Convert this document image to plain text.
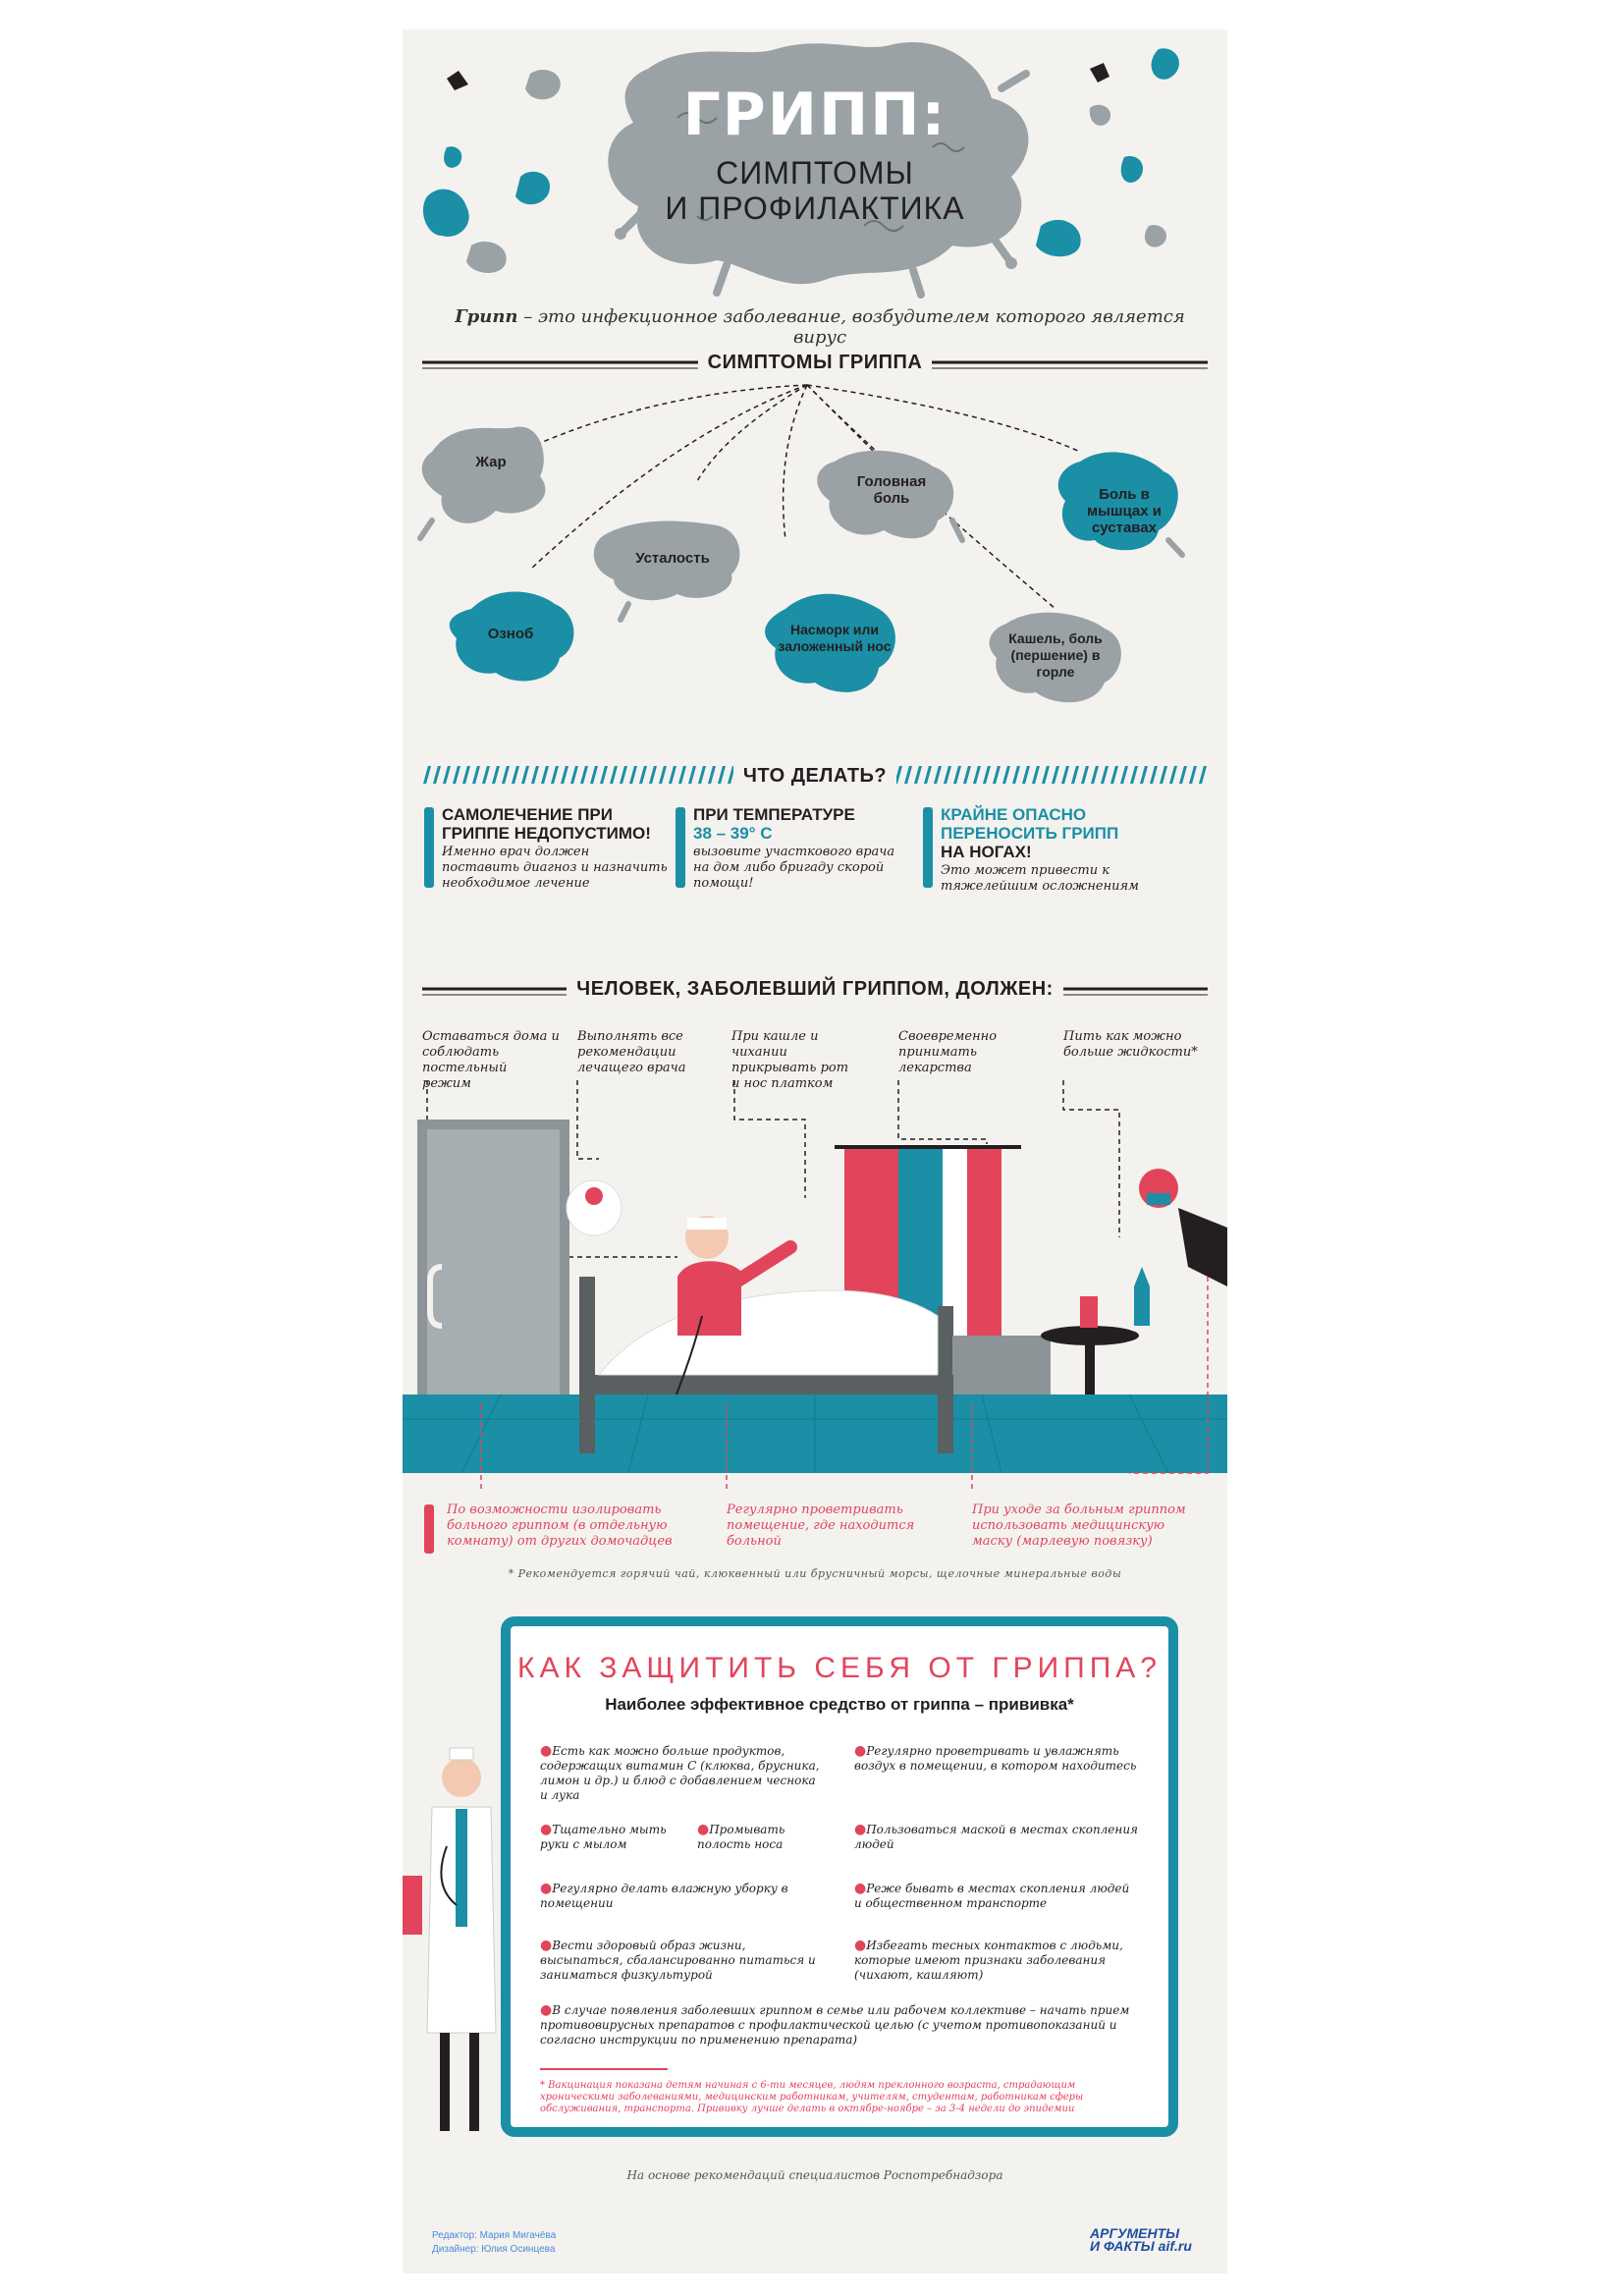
ГРИПП:
СИМПТОМЫ
И ПРОФИЛАКТИКА
Грипп – это инфекционное заболевание, возбудителем которого является вирус
СИМПТОМЫ ГРИППА
Жар
Головная боль	Боль в мышцах и суставах
Усталость
Озноб	Насморк или заложенный нос	Кашель, боль (першение) в горле
ЧТО ДЕЛАТЬ?
САМОЛЕЧЕНИЕ ПРИ ГРИППЕ НЕДОПУСТИМО!
Именно врач должен поставить диагноз и назначить необходимое лечение
ПРИ ТЕМПЕРАТУРЕ
38 – 39° С
вызовите участкового врача на дом либо бригаду скорой помощи!
КРАЙНЕ ОПАСНО ПЕРЕНОСИТЬ ГРИПП
НА НОГАХ!
Это может привести к тяжелейшим осложнениям
ЧЕЛОВЕК, ЗАБОЛЕВШИЙ ГРИППОМ, ДОЛЖЕН:
Оставаться дома и соблюдать постельный режим
Выполнять все рекомендации лечащего врача
При кашле и чихании прикрывать рот и нос платком
Своевременно принимать лекарства
Пить как можно больше жидкости*
По возможности изолировать больного гриппом (в отдельную комнату) от других домочадцев
Регулярно проветривать помещение, где находится больной
При уходе за больным гриппом использовать медицинскую маску (марлевую повязку)
* Рекомендуется горячий чай, клюквенный или брусничный морсы, щелочные минеральные воды
КАК ЗАЩИТИТЬ СЕБЯ ОТ ГРИППА?
Наиболее эффективное средство от гриппа – прививка*
●Есть как можно больше продуктов, содержащих витамин С (клюква, брусника, лимон и др.) и блюд с добавлением чеснока и лука
●Тщательно мыть руки с мылом
●Промывать полость носа
●Регулярно делать влажную уборку в помещении
●Вести здоровый образ жизни, высыпаться, сбалансированно питаться и заниматься физкультурой
●Регулярно проветривать и увлажнять воздух в помещении, в котором находитесь
●Пользоваться маской в местах скопления людей
●Реже бывать в местах скопления людей и общественном транспорте
●Избегать тесных контактов с людьми, которые имеют признаки заболевания (чихают, кашляют)
●В случае появления заболевших гриппом в семье или рабочем коллективе – начать прием противовирусных препаратов с профилактической целью (с учетом противопоказаний и согласно инструкции по применению препарата)
* Вакцинация показана детям начиная с 6-ти месяцев, людям преклонного возраста, страдающим хроническими заболеваниями, медицинским работникам, учителям, студентам, работникам сферы обслуживания, транспорта. Прививку лучше делать в октябре-ноябре – за 3-4 недели до эпидемии
На основе рекомендаций специалистов Роспотребнадзора
Редактор: Мария Мигачёва
Дизайнер: Юлия Осинцева
АРГУМЕНТЫ
И ФАКТЫ aif.ru
